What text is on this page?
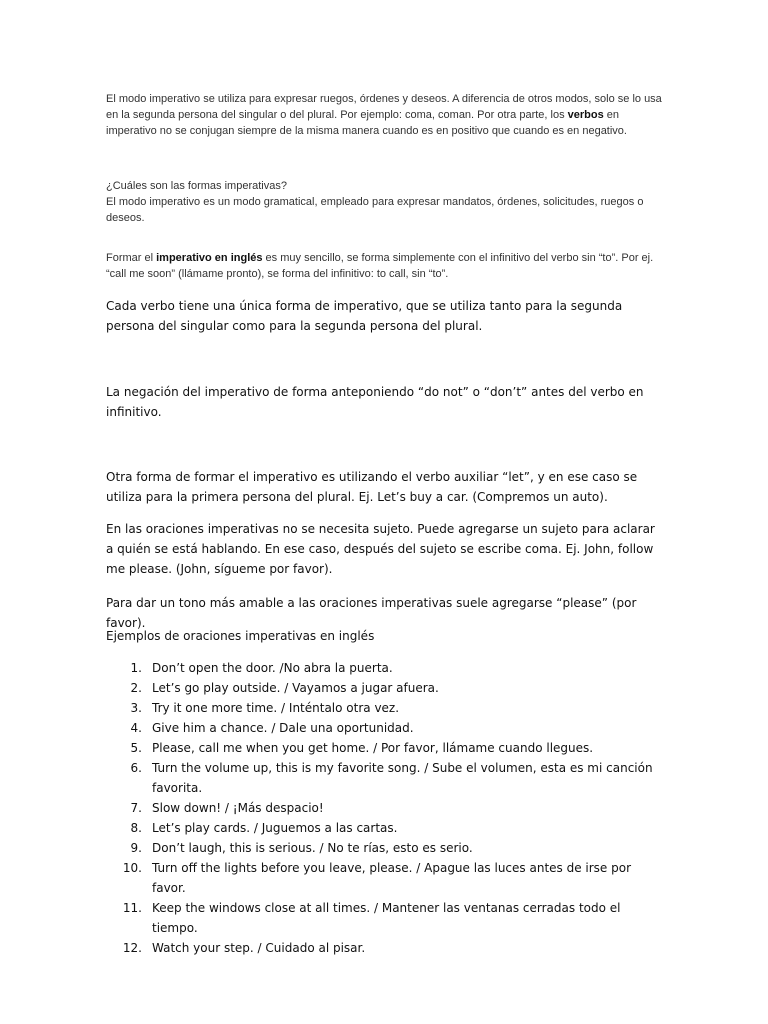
El modo imperativo se utiliza para expresar ruegos, órdenes y deseos. A diferencia de otros modos, solo se lo usa en la segunda persona del singular o del plural. Por ejemplo: coma, coman. Por otra parte, los verbos en imperativo no se conjugan siempre de la misma manera cuando es en positivo que cuando es en negativo.

¿Cuáles son las formas imperativas?
El modo imperativo es un modo gramatical, empleado para expresar mandatos, órdenes, solicitudes, ruegos o deseos.

Formar el imperativo en inglés es muy sencillo, se forma simplemente con el infinitivo del verbo sin “to”. Por ej. “call me soon” (llámame pronto), se forma del infinitivo: to call, sin “to”.

Cada verbo tiene una única forma de imperativo, que se utiliza tanto para la segunda persona del singular como para la segunda persona del plural.

La negación del imperativo de forma anteponiendo “do not” o “don’t” antes del verbo en infinitivo.

Otra forma de formar el imperativo es utilizando el verbo auxiliar “let”, y en ese caso se utiliza para la primera persona del plural. Ej. Let’s buy a car. (Compremos un auto).

En las oraciones imperativas no se necesita sujeto. Puede agregarse un sujeto para aclarar a quién se está hablando. En ese caso, después del sujeto se escribe coma. Ej. John, follow me please. (John, sígueme por favor).

Para dar un tono más amable a las oraciones imperativas suele agregarse “please” (por favor).

Ejemplos de oraciones imperativas en inglés

1. Don’t open the door. /No abra la puerta.
2. Let’s go play outside. / Vayamos a jugar afuera.
3. Try it one more time. / Inténtalo otra vez.
4. Give him a chance. / Dale una oportunidad.
5. Please, call me when you get home. / Por favor, llámame cuando llegues.
6. Turn the volume up, this is my favorite song. / Sube el volumen, esta es mi canción favorita.
7. Slow down! / ¡Más despacio!
8. Let’s play cards. / Juguemos a las cartas.
9. Don’t laugh, this is serious. / No te rías, esto es serio.
10. Turn off the lights before you leave, please. / Apague las luces antes de irse por favor.
11. Keep the windows close at all times. / Mantener las ventanas cerradas todo el tiempo.
12. Watch your step. / Cuidado al pisar.
